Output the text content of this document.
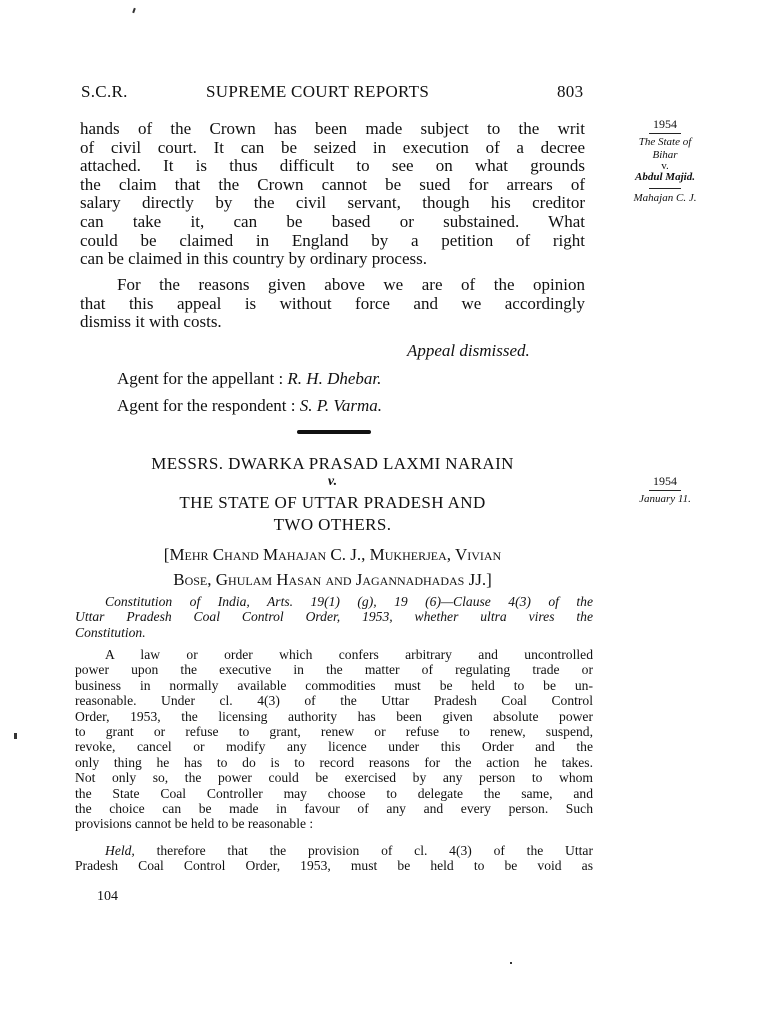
S.C.R.	SUPREME COURT REPORTS	803
hands of the Crown has been made subject to the writ
of civil court. It can be seized in execution of a decree
attached. It is thus difficult to see on what grounds
the claim that the Crown cannot be sued for arrears of
salary directly by the civil servant, though his creditor
can take it, can be based or substained. What
could be claimed in England by a petition of right
can be claimed in this country by ordinary process.
For the reasons given above we are of the opinion
that this appeal is without force and we accordingly
dismiss it with costs.
Appeal dismissed.
Agent for the appellant : R. H. Dhebar.
Agent for the respondent : S. P. Varma.
1954
The State of
Bihar
v.
Abdul Majid.
Mahajan C. J.
MESSRS. DWARKA PRASAD LAXMI NARAIN
v.
THE STATE OF UTTAR PRADESH AND
TWO OTHERS.
1954
January 11.
[Mehr Chand Mahajan C. J., Mukherjea, Vivian
Bose, Ghulam Hasan and Jagannadhadas JJ.]
Constitution of India, Arts. 19(1) (g), 19 (6)—Clause 4(3) of the
Uttar Pradesh Coal Control Order, 1953, whether ultra vires the
Constitution.
A law or order which confers arbitrary and uncontrolled
power upon the executive in the matter of regulating trade or
business in normally available commodities must be held to be un-
reasonable. Under cl. 4(3) of the Uttar Pradesh Coal Control
Order, 1953, the licensing authority has been given absolute power
to grant or refuse to grant, renew or refuse to renew, suspend,
revoke, cancel or modify any licence under this Order and the
only thing he has to do is to record reasons for the action he takes.
Not only so, the power could be exercised by any person to whom
the State Coal Controller may choose to delegate the same, and
the choice can be made in favour of any and every person. Such
provisions cannot be held to be reasonable :
Held, therefore that the provision of cl. 4(3) of the Uttar
Pradesh Coal Control Order, 1953, must be held to be void as
104
